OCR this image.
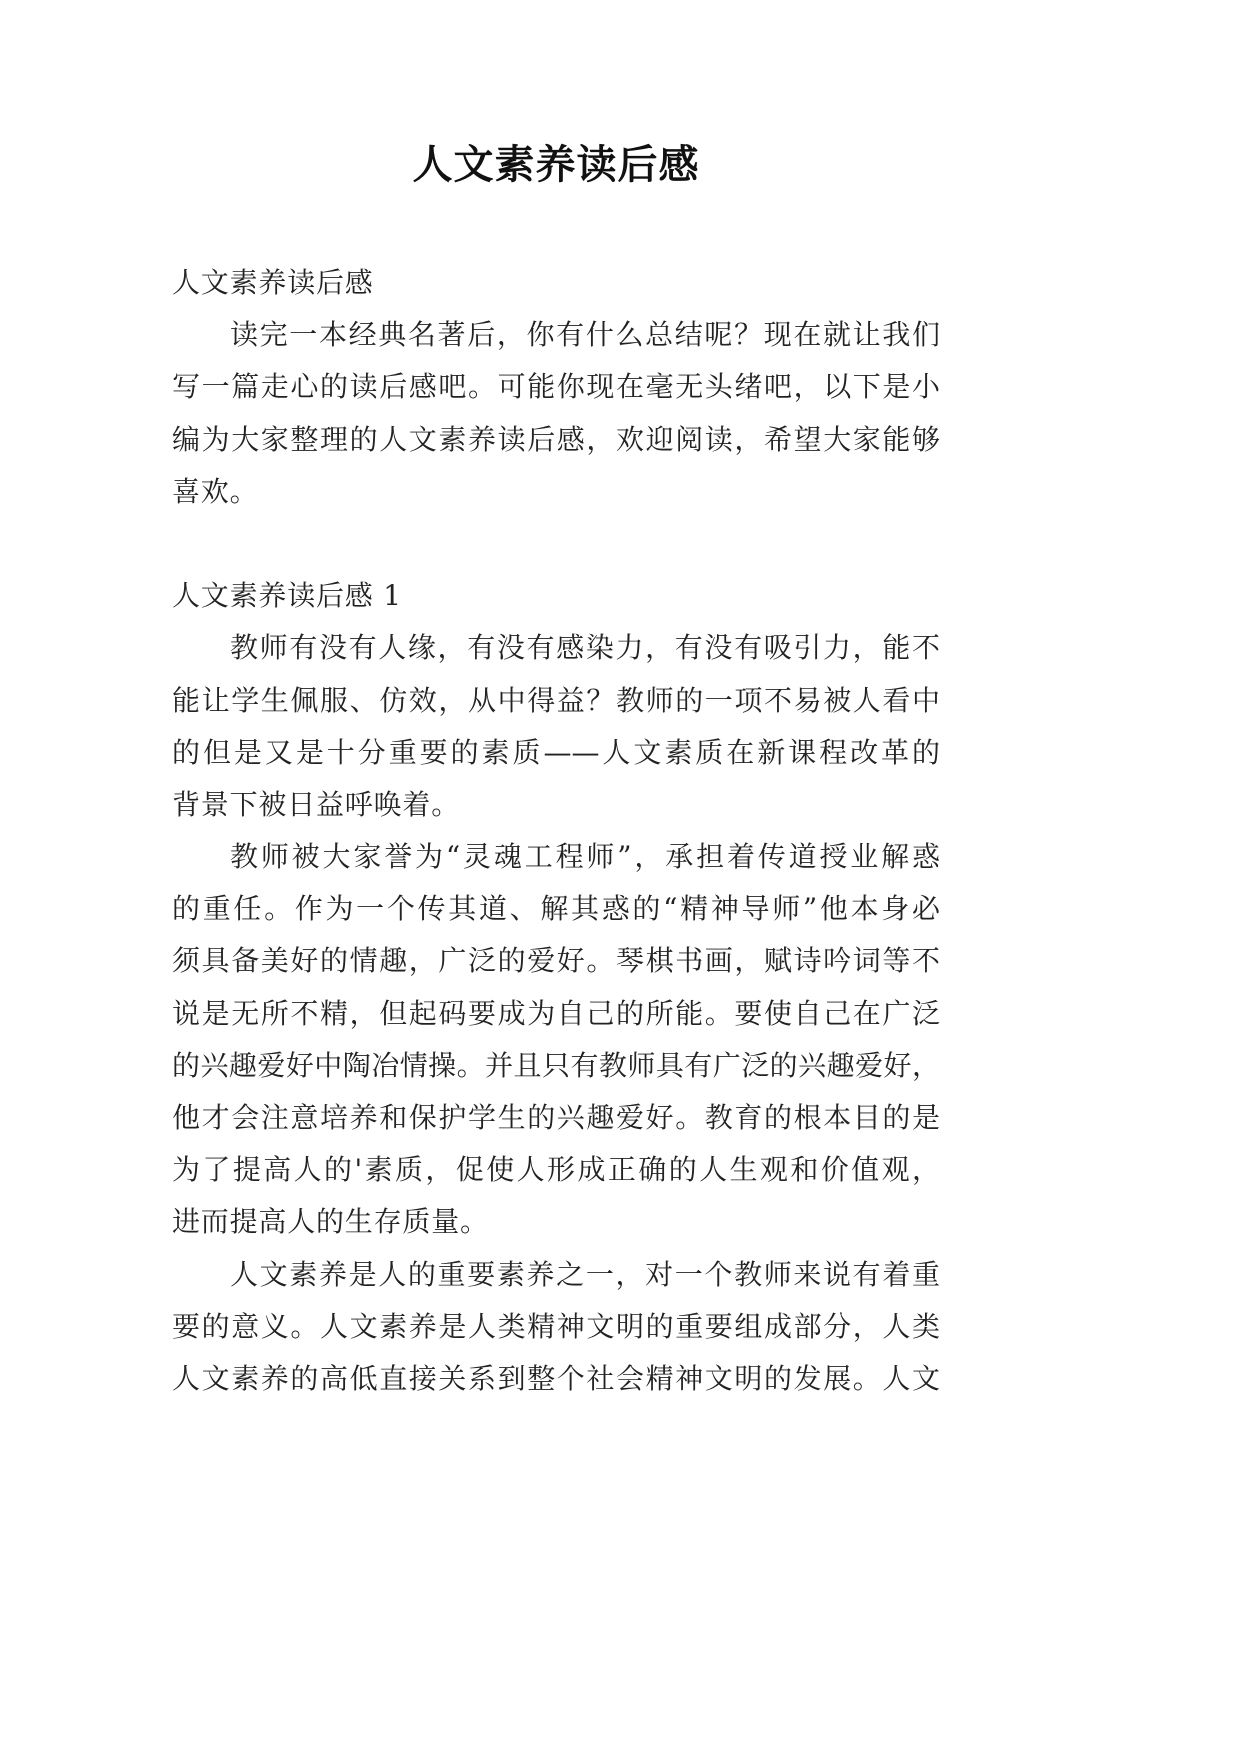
人文素养读后感
人文素养读后感
读完一本经典名著后，你有什么总结呢？现在就让我们
写一篇走心的读后感吧。可能你现在毫无头绪吧，以下是小
编为大家整理的人文素养读后感，欢迎阅读，希望大家能够
喜欢。
人文素养读后感 1
教师有没有人缘，有没有感染力，有没有吸引力，能不
能让学生佩服、仿效，从中得益？教师的一项不易被人看中
的但是又是十分重要的素质——人文素质在新课程改革的
背景下被日益呼唤着。
教师被大家誉为“灵魂工程师”，承担着传道授业解惑
的重任。作为一个传其道、解其惑的“精神导师”他本身必
须具备美好的情趣，广泛的爱好。琴棋书画，赋诗吟词等不
说是无所不精，但起码要成为自己的所能。要使自己在广泛
的兴趣爱好中陶冶情操。并且只有教师具有广泛的兴趣爱好，
他才会注意培养和保护学生的兴趣爱好。教育的根本目的是
为了提高人的'素质，促使人形成正确的人生观和价值观，
进而提高人的生存质量。
人文素养是人的重要素养之一，对一个教师来说有着重
要的意义。人文素养是人类精神文明的重要组成部分，人类
人文素养的高低直接关系到整个社会精神文明的发展。人文
